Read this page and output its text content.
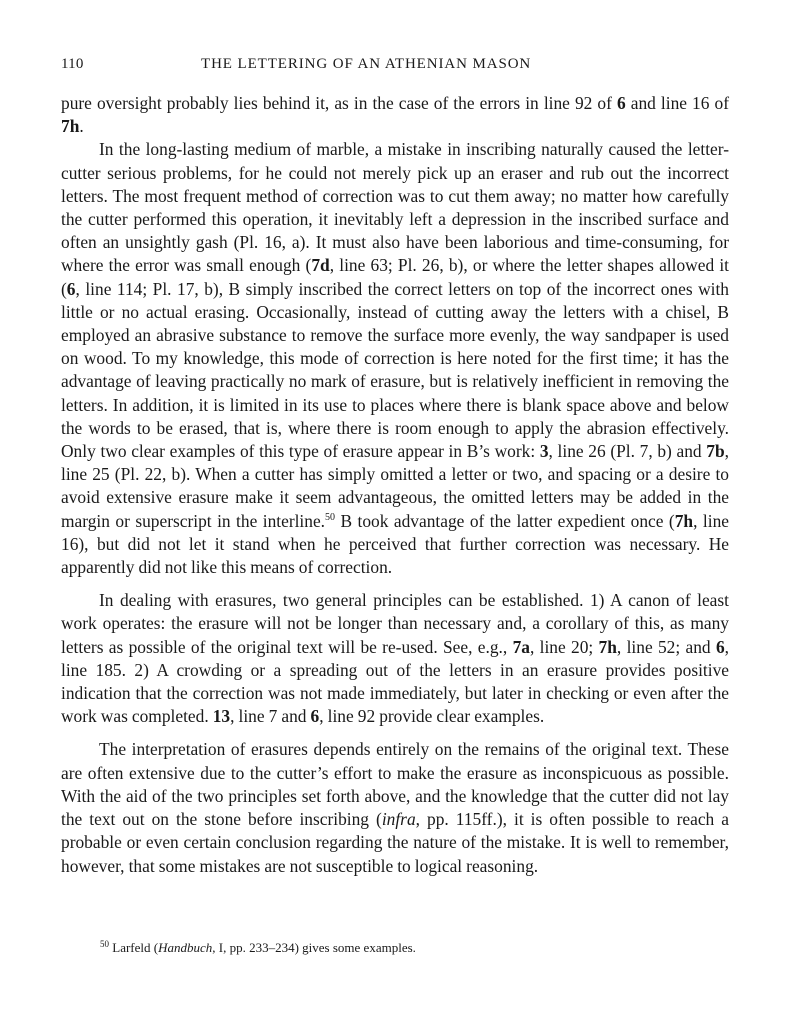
110	THE LETTERING OF AN ATHENIAN MASON

pure oversight probably lies behind it, as in the case of the errors in line 92 of 6 and line 16 of 7h.

In the long-lasting medium of marble, a mistake in inscribing naturally caused the letter-cutter serious problems, for he could not merely pick up an eraser and rub out the incorrect letters. The most frequent method of correction was to cut them away; no matter how carefully the cutter performed this operation, it inevitably left a depression in the inscribed surface and often an unsightly gash (Pl. 16, a). It must also have been laborious and time-consuming, for where the error was small enough (7d, line 63; Pl. 26, b), or where the letter shapes allowed it (6, line 114; Pl. 17, b), B simply inscribed the correct letters on top of the incorrect ones with little or no actual erasing. Occasionally, instead of cutting away the letters with a chisel, B employed an abrasive substance to remove the surface more evenly, the way sandpaper is used on wood. To my knowledge, this mode of correction is here noted for the first time; it has the advantage of leaving practically no mark of erasure, but is relatively inefficient in removing the letters. In addition, it is limited in its use to places where there is blank space above and below the words to be erased, that is, where there is room enough to apply the abrasion effectively. Only two clear examples of this type of erasure appear in B’s work: 3, line 26 (Pl. 7, b) and 7b, line 25 (Pl. 22, b). When a cutter has simply omitted a letter or two, and spacing or a desire to avoid extensive erasure make it seem advantageous, the omitted letters may be added in the margin or superscript in the interline.$^{50}$ B took advantage of the latter expedient once (7h, line 16), but did not let it stand when he perceived that further correction was necessary. He apparently did not like this means of correction.

In dealing with erasures, two general principles can be established. 1) A canon of least work operates: the erasure will not be longer than necessary and, a corollary of this, as many letters as possible of the original text will be re-used. See, e.g., 7a, line 20; 7h, line 52; and 6, line 185. 2) A crowding or a spreading out of the letters in an erasure provides positive indication that the correction was not made immediately, but later in checking or even after the work was completed. 13, line 7 and 6, line 92 provide clear examples.

The interpretation of erasures depends entirely on the remains of the original text. These are often extensive due to the cutter’s effort to make the erasure as inconspicuous as possible. With the aid of the two principles set forth above, and the knowledge that the cutter did not lay the text out on the stone before inscribing (infra, pp. 115ff.), it is often possible to reach a probable or even certain conclusion regarding the nature of the mistake. It is well to remember, however, that some mistakes are not susceptible to logical reasoning.

$^{50}$ Larfeld (Handbuch, I, pp. 233–234) gives some examples.
